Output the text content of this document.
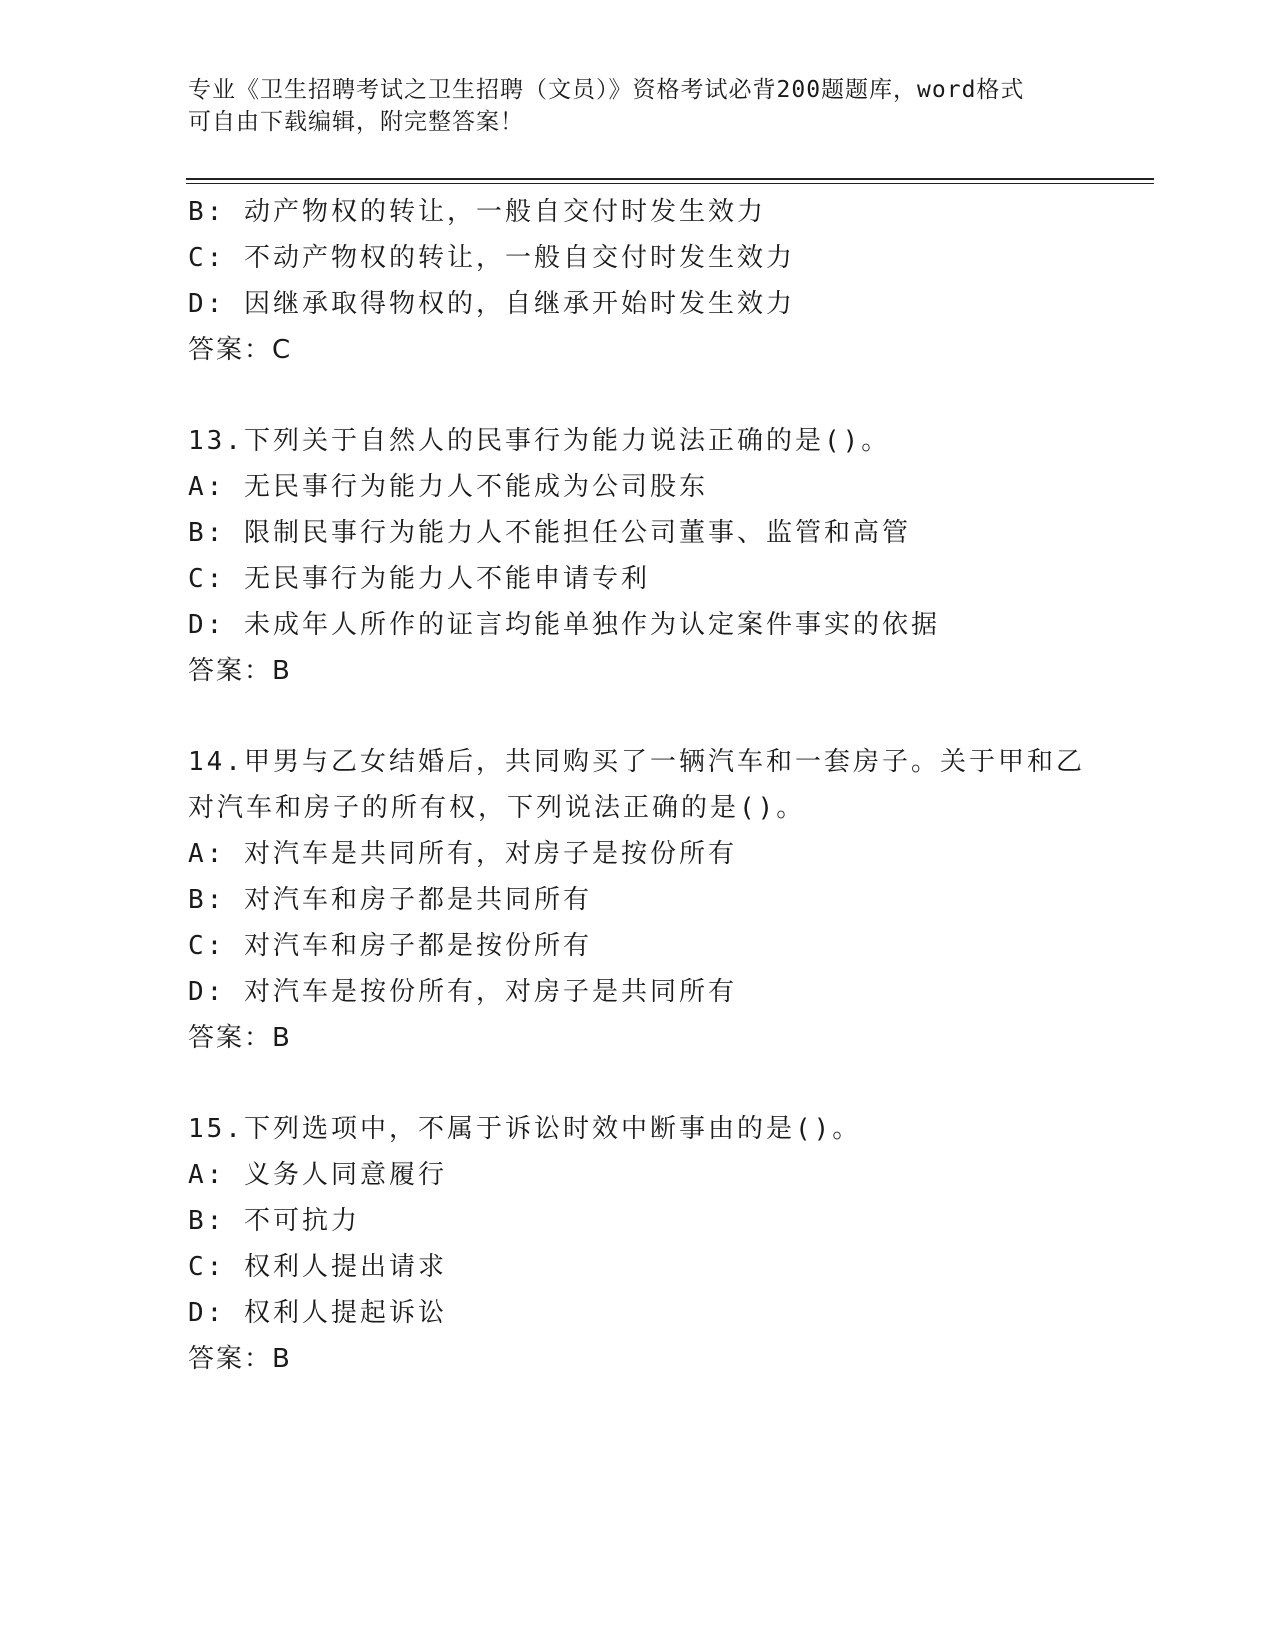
专业《卫生招聘考试之卫生招聘（文员）》资格考试必背200题题库，word格式
可自由下载编辑，附完整答案！
B: 动产物权的转让，一般自交付时发生效力
C: 不动产物权的转让，一般自交付时发生效力
D: 因继承取得物权的，自继承开始时发生效力
答案：C
13.下列关于自然人的民事行为能力说法正确的是()。
A: 无民事行为能力人不能成为公司股东
B: 限制民事行为能力人不能担任公司董事、监管和高管
C: 无民事行为能力人不能申请专利
D: 未成年人所作的证言均能单独作为认定案件事实的依据
答案：B
14.甲男与乙女结婚后，共同购买了一辆汽车和一套房子。关于甲和乙
对汽车和房子的所有权，下列说法正确的是()。
A: 对汽车是共同所有，对房子是按份所有
B: 对汽车和房子都是共同所有
C: 对汽车和房子都是按份所有
D: 对汽车是按份所有，对房子是共同所有
答案：B
15.下列选项中，不属于诉讼时效中断事由的是()。
A: 义务人同意履行
B: 不可抗力
C: 权利人提出请求
D: 权利人提起诉讼
答案：B
